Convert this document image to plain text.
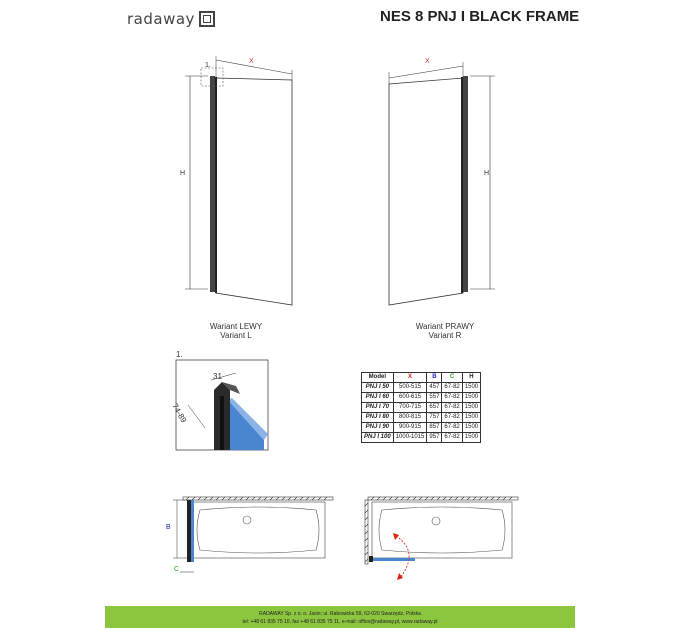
radaway	NES 8 PNJ I BLACK FRAME
X
H
1.
Wariant LEWY
Variant L
X
H
Wariant PRAWY
Variant R
1.
31
74-89
Model	X	B	C	H
PNJ I 50	500-515	457	67-82	1500
PNJ I 60	600-615	557	67-82	1500
PNJ I 70	700-715	657	67-82	1500
PNJ I 80	800-815	757	67-82	1500
PNJ I 90	900-915	857	67-82	1500
PNJ I 100	1000-1015	957	67-82	1500
B
C
RADAWAY Sp. z o. o. Jasin; ul. Rabowicka 59, 62-020 Swarzędz, Polska
tel: +48 61 835 75 10, fax +48 61 835 75 11, e-mail: office@radaway.pl, www.radaway.pl
